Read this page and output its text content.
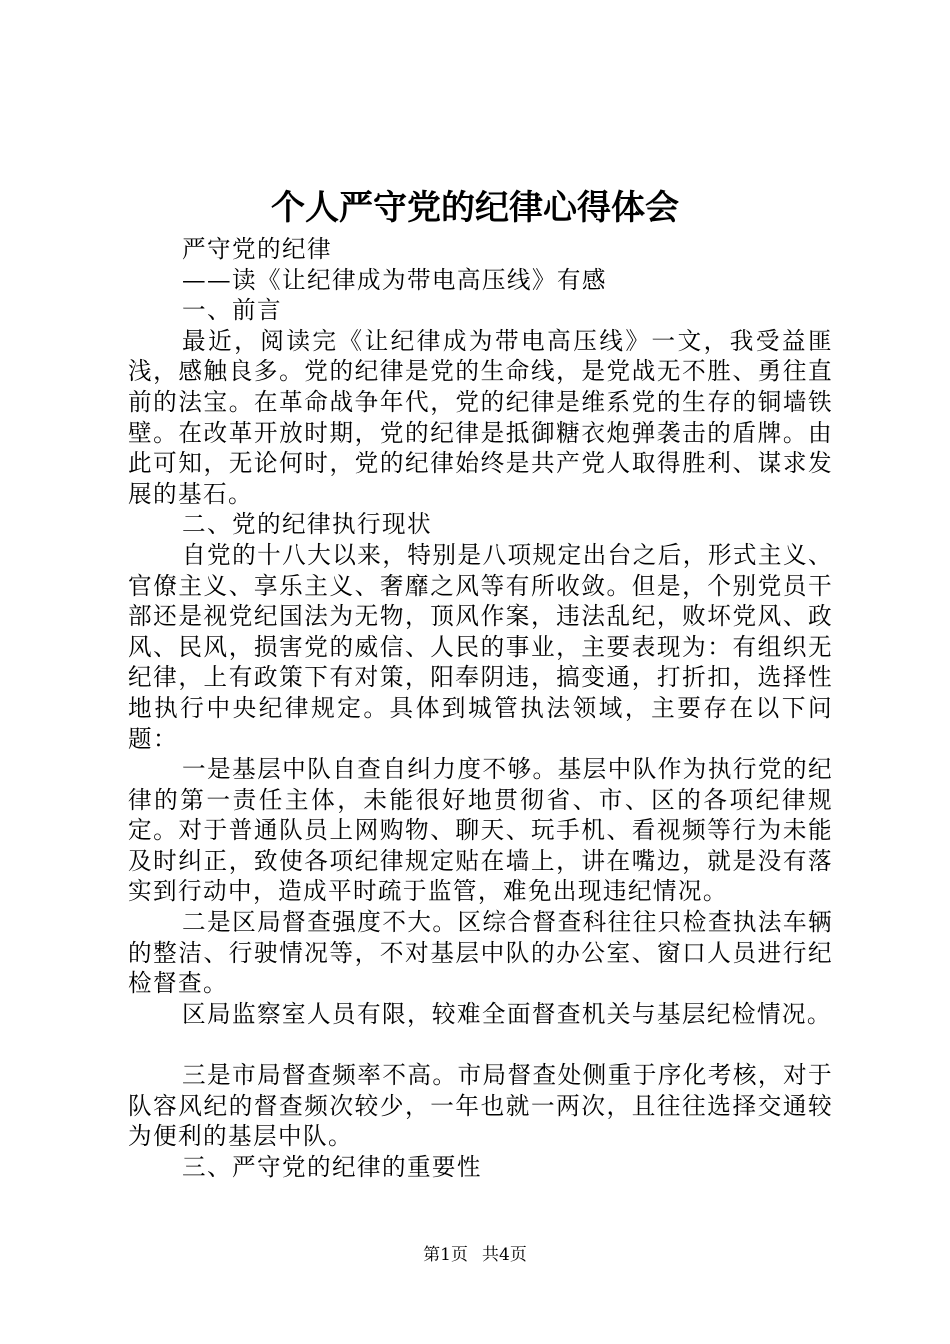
个人严守党的纪律心得体会

严守党的纪律

——读《让纪律成为带电高压线》有感

一、前言

最近，阅读完《让纪律成为带电高压线》一文，我受益匪浅，感触良多。党的纪律是党的生命线，是党战无不胜、勇往直前的法宝。在革命战争年代，党的纪律是维系党的生存的铜墙铁壁。在改革开放时期，党的纪律是抵御糖衣炮弹袭击的盾牌。由此可知，无论何时，党的纪律始终是共产党人取得胜利、谋求发展的基石。

二、党的纪律执行现状

自党的十八大以来，特别是八项规定出台之后，形式主义、官僚主义、享乐主义、奢靡之风等有所收敛。但是，个别党员干部还是视党纪国法为无物，顶风作案，违法乱纪，败坏党风、政风、民风，损害党的威信、人民的事业，主要表现为：有组织无纪律，上有政策下有对策，阳奉阴违，搞变通，打折扣，选择性地执行中央纪律规定。具体到城管执法领域，主要存在以下问题：

一是基层中队自查自纠力度不够。基层中队作为执行党的纪律的第一责任主体，未能很好地贯彻省、市、区的各项纪律规定。对于普通队员上网购物、聊天、玩手机、看视频等行为未能及时纠正，致使各项纪律规定贴在墙上，讲在嘴边，就是没有落实到行动中，造成平时疏于监管，难免出现违纪情况。

二是区局督查强度不大。区综合督查科往往只检查执法车辆的整洁、行驶情况等，不对基层中队的办公室、窗口人员进行纪检督查。

区局监察室人员有限，较难全面督查机关与基层纪检情况。

三是市局督查频率不高。市局督查处侧重于序化考核，对于队容风纪的督查频次较少，一年也就一两次，且往往选择交通较为便利的基层中队。

三、严守党的纪律的重要性

第1页 共4页
